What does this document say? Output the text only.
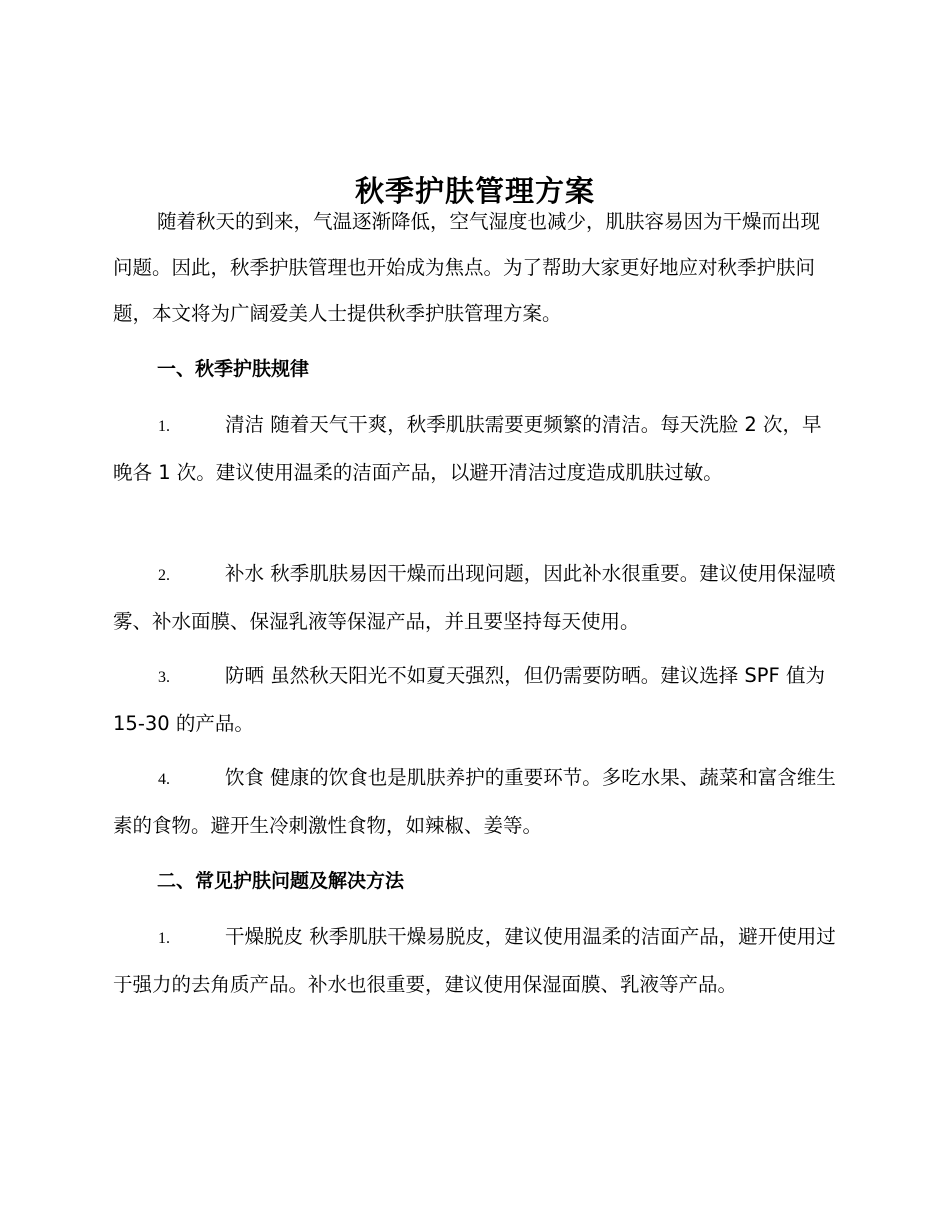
秋季护肤管理方案

随着秋天的到来，气温逐渐降低，空气湿度也减少，肌肤容易因为干燥而出现问题。因此，秋季护肤管理也开始成为焦点。为了帮助大家更好地应对秋季护肤问题，本文将为广阔爱美人士提供秋季护肤管理方案。

一、秋季护肤规律

1.	清洁 随着天气干爽，秋季肌肤需要更频繁的清洁。每天洗脸 2 次，早晚各 1 次。建议使用温柔的洁面产品，以避开清洁过度造成肌肤过敏。

2.	补水 秋季肌肤易因干燥而出现问题，因此补水很重要。建议使用保湿喷雾、补水面膜、保湿乳液等保湿产品，并且要坚持每天使用。

3.	防晒 虽然秋天阳光不如夏天强烈，但仍需要防晒。建议选择 SPF 值为 15-30 的产品。

4.	饮食 健康的饮食也是肌肤养护的重要环节。多吃水果、蔬菜和富含维生素的食物。避开生冷刺激性食物，如辣椒、姜等。

二、常见护肤问题及解决方法

1.	干燥脱皮 秋季肌肤干燥易脱皮，建议使用温柔的洁面产品，避开使用过于强力的去角质产品。补水也很重要，建议使用保湿面膜、乳液等产品。
